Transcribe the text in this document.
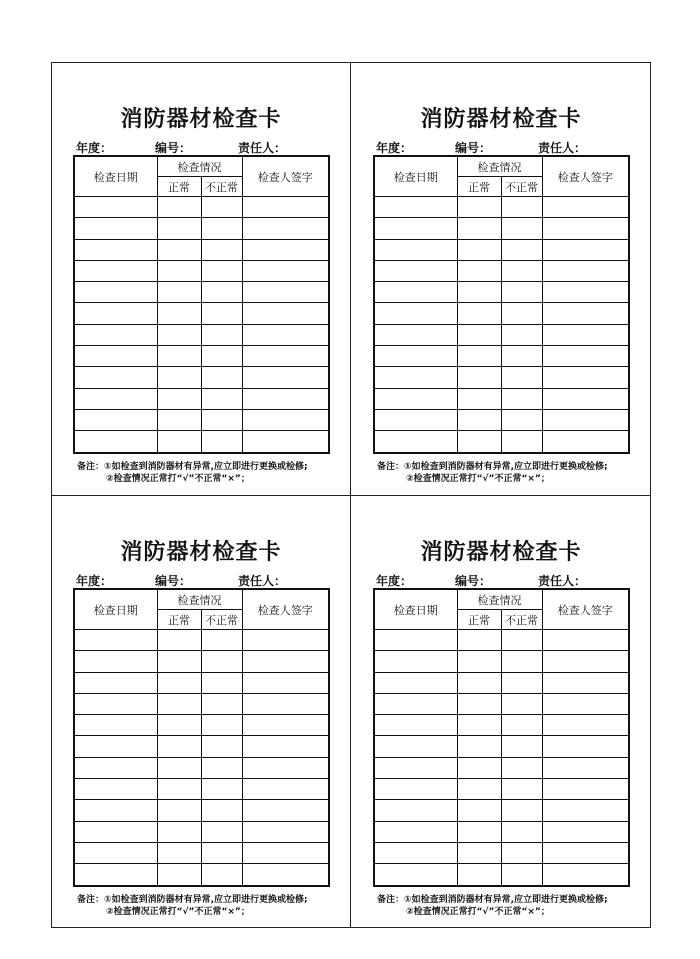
消防器材检查卡
年度：	编号：	责任人：
检查日期	检查情况		检查人签字
	正常	不正常	

备注：①如检查到消防器材有异常,应立即进行更换或检修;
②检查情况正常打“√”不正常“×”；
消防器材检查卡
年度：	编号：	责任人：
检查日期	检查情况		检查人签字
	正常	不正常	

备注：①如检查到消防器材有异常,应立即进行更换或检修;
②检查情况正常打“√”不正常“×”；
消防器材检查卡
年度：	编号：	责任人：
检查日期	检查情况		检查人签字
	正常	不正常	

备注：①如检查到消防器材有异常,应立即进行更换或检修;
②检查情况正常打“√”不正常“×”；
消防器材检查卡
年度：	编号：	责任人：
检查日期	检查情况		检查人签字
	正常	不正常	

备注：①如检查到消防器材有异常,应立即进行更换或检修;
②检查情况正常打“√”不正常“×”；
